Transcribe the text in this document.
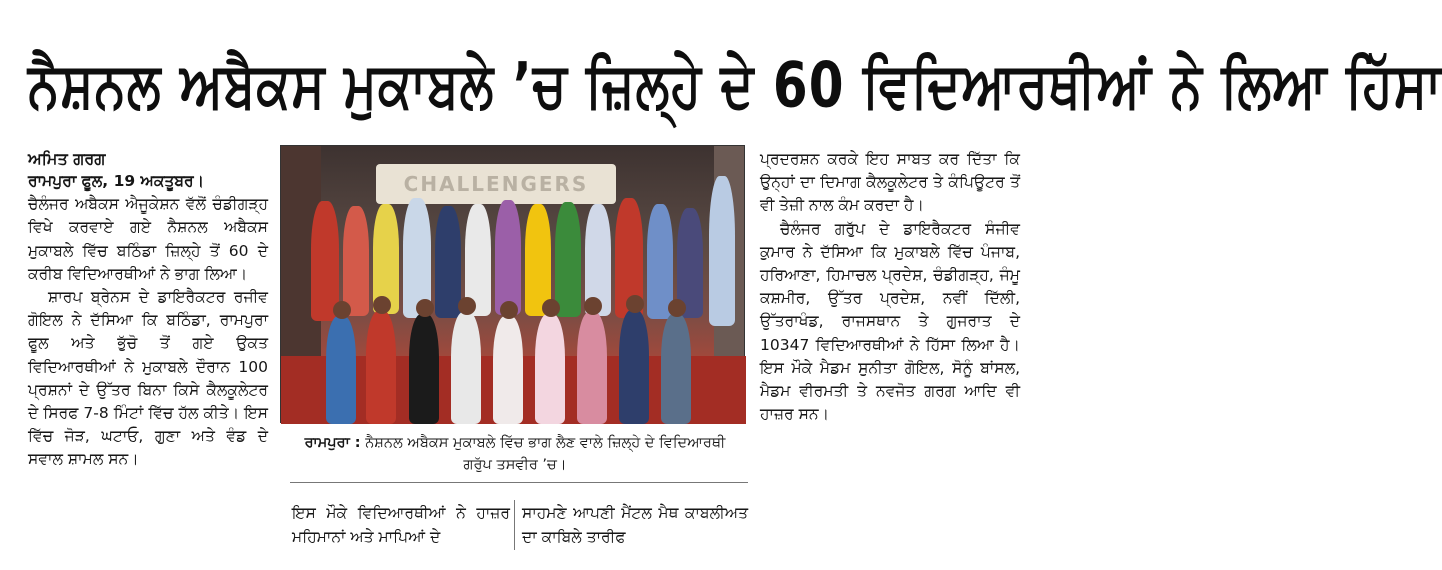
ਨੈਸ਼ਨਲ ਅਬੈਕਸ ਮੁਕਾਬਲੇ ’ਚ ਜ਼ਿਲ੍ਹੇ ਦੇ 60 ਵਿਦਿਆਰਥੀਆਂ ਨੇ ਲਿਆ ਹਿੱਸਾ

ਅਮਿਤ ਗਰਗ

ਰਾਮਪੁਰਾ ਫੂਲ, 19 ਅਕਤੂਬਰ।

ਚੈਲੰਜਰ ਅਬੈਕਸ ਐਜੂਕੇਸ਼ਨ ਵੱਲੋਂ ਚੰਡੀਗੜ੍ਹ ਵਿਖੇ ਕਰਵਾਏ ਗਏ ਨੈਸ਼ਨਲ ਅਬੈਕਸ ਮੁਕਾਬਲੇ ਵਿੱਚ ਬਠਿੰਡਾ ਜ਼ਿਲ੍ਹੇ ਤੋਂ 60 ਦੇ ਕਰੀਬ ਵਿਦਿਆਰਥੀਆਂ ਨੇ ਭਾਗ ਲਿਆ।

ਸ਼ਾਰਪ ਬ੍ਰੇਨਸ ਦੇ ਡਾਇਰੈਕਟਰ ਰਜੀਵ ਗੋਇਲ ਨੇ ਦੱਸਿਆ ਕਿ ਬਠਿੰਡਾ, ਰਾਮਪੁਰਾ ਫੂਲ ਅਤੇ ਭੁੱਚੋ ਤੋਂ ਗਏ ਉਕਤ ਵਿਦਿਆਰਥੀਆਂ ਨੇ ਮੁਕਾਬਲੇ ਦੌਰਾਨ 100 ਪ੍ਰਸ਼ਨਾਂ ਦੇ ਉੱਤਰ ਬਿਨਾ ਕਿਸੇ ਕੈਲਕੂਲੇਟਰ ਦੇ ਸਿਰਫ 7-8 ਮਿੰਟਾਂ ਵਿੱਚ ਹੱਲ ਕੀਤੇ। ਇਸ ਵਿੱਚ ਜੋੜ, ਘਟਾਓ, ਗੁਣਾ ਅਤੇ ਵੰਡ ਦੇ ਸਵਾਲ ਸ਼ਾਮਲ ਸਨ।

CHALLENGERS
ਰਾਮਪੁਰਾ : ਨੈਸ਼ਨਲ ਅਬੈਕਸ ਮੁਕਾਬਲੇ ਵਿੱਚ ਭਾਗ ਲੈਣ ਵਾਲੇ ਜ਼ਿਲ੍ਹੇ ਦੇ ਵਿਦਿਆਰਥੀ ਗਰੁੱਪ ਤਸਵੀਰ ’ਚ।

ਇਸ ਮੌਕੇ ਵਿਦਿਆਰਥੀਆਂ ਨੇ ਹਾਜ਼ਰ ਮਹਿਮਾਨਾਂ ਅਤੇ ਮਾਪਿਆਂ ਦੇ

ਸਾਹਮਣੇ ਆਪਣੀ ਮੈਂਟਲ ਮੈਥ ਕਾਬਲੀਅਤ ਦਾ ਕਾਬਿਲੇ ਤਾਰੀਫ

ਪ੍ਰਦਰਸ਼ਨ ਕਰਕੇ ਇਹ ਸਾਬਤ ਕਰ ਦਿੱਤਾ ਕਿ ਉਨ੍ਹਾਂ ਦਾ ਦਿਮਾਗ ਕੈਲਕੂਲੇਟਰ ਤੇ ਕੰਪਿਊਟਰ ਤੋਂ ਵੀ ਤੇਜ਼ੀ ਨਾਲ ਕੰਮ ਕਰਦਾ ਹੈ।

ਚੈਲੰਜਰ ਗਰੁੱਪ ਦੇ ਡਾਇਰੈਕਟਰ ਸੰਜੀਵ ਕੁਮਾਰ ਨੇ ਦੱਸਿਆ ਕਿ ਮੁਕਾਬਲੇ ਵਿੱਚ ਪੰਜਾਬ, ਹਰਿਆਣਾ, ਹਿਮਾਚਲ ਪ੍ਰਦੇਸ਼, ਚੰਡੀਗੜ੍ਹ, ਜੰਮੂ ਕਸ਼ਮੀਰ, ਉੱਤਰ ਪ੍ਰਦੇਸ਼, ਨਵੀਂ ਦਿੱਲੀ, ਉੱਤਰਾਖੰਡ, ਰਾਜਸਥਾਨ ਤੇ ਗੁਜਰਾਤ ਦੇ 10347 ਵਿਦਿਆਰਥੀਆਂ ਨੇ ਹਿੱਸਾ ਲਿਆ ਹੈ। ਇਸ ਮੌਕੇ ਮੈਡਮ ਸੁਨੀਤਾ ਗੋਇਲ, ਸੋਨੂੰ ਬਾਂਸਲ, ਮੈਡਮ ਵੀਰਮਤੀ ਤੇ ਨਵਜੋਤ ਗਰਗ ਆਦਿ ਵੀ ਹਾਜ਼ਰ ਸਨ।
